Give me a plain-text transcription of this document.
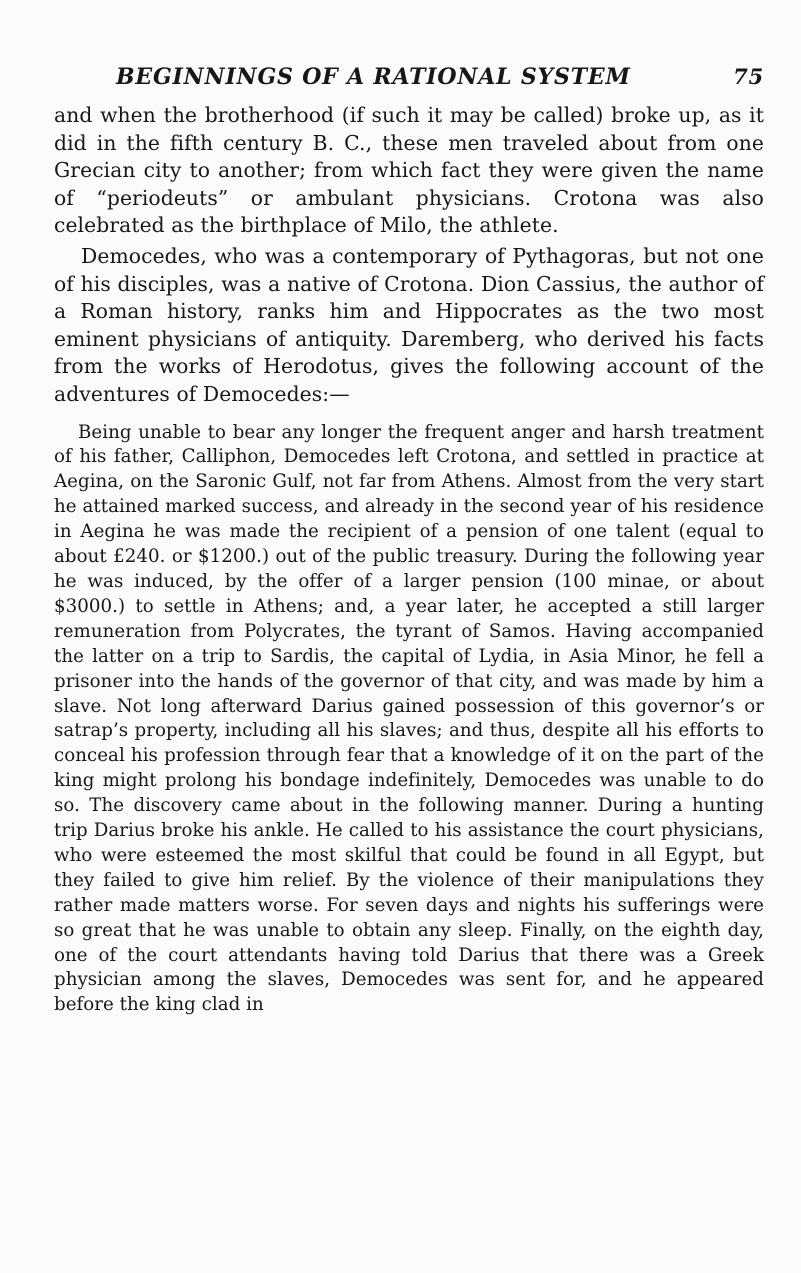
BEGINNINGS OF A RATIONAL SYSTEM	75

and when the brotherhood (if such it may be called) broke up, as it did in the fifth century B. C., these men traveled about from one Grecian city to another; from which fact they were given the name of “periodeuts” or ambulant physicians. Crotona was also celebrated as the birthplace of Milo, the athlete.

Democedes, who was a contemporary of Pythagoras, but not one of his disciples, was a native of Crotona. Dion Cassius, the author of a Roman history, ranks him and Hippocrates as the two most eminent physicians of antiquity. Daremberg, who derived his facts from the works of Herodotus, gives the following account of the adventures of Democedes:—

Being unable to bear any longer the frequent anger and harsh treatment of his father, Calliphon, Democedes left Crotona, and settled in practice at Aegina, on the Saronic Gulf, not far from Athens. Almost from the very start he attained marked success, and already in the second year of his residence in Aegina he was made the recipient of a pension of one talent (equal to about £240. or $1200.) out of the public treasury. During the following year he was induced, by the offer of a larger pension (100 minae, or about $3000.) to settle in Athens; and, a year later, he accepted a still larger remuneration from Polycrates, the tyrant of Samos. Having accompanied the latter on a trip to Sardis, the capital of Lydia, in Asia Minor, he fell a prisoner into the hands of the governor of that city, and was made by him a slave. Not long afterward Darius gained possession of this governor’s or satrap’s property, including all his slaves; and thus, despite all his efforts to conceal his profession through fear that a knowledge of it on the part of the king might prolong his bondage indefinitely, Democedes was unable to do so. The discovery came about in the following manner. During a hunting trip Darius broke his ankle. He called to his assistance the court physicians, who were esteemed the most skilful that could be found in all Egypt, but they failed to give him relief. By the violence of their manipulations they rather made matters worse. For seven days and nights his sufferings were so great that he was unable to obtain any sleep. Finally, on the eighth day, one of the court attendants having told Darius that there was a Greek physician among the slaves, Democedes was sent for, and he appeared before the king clad in
